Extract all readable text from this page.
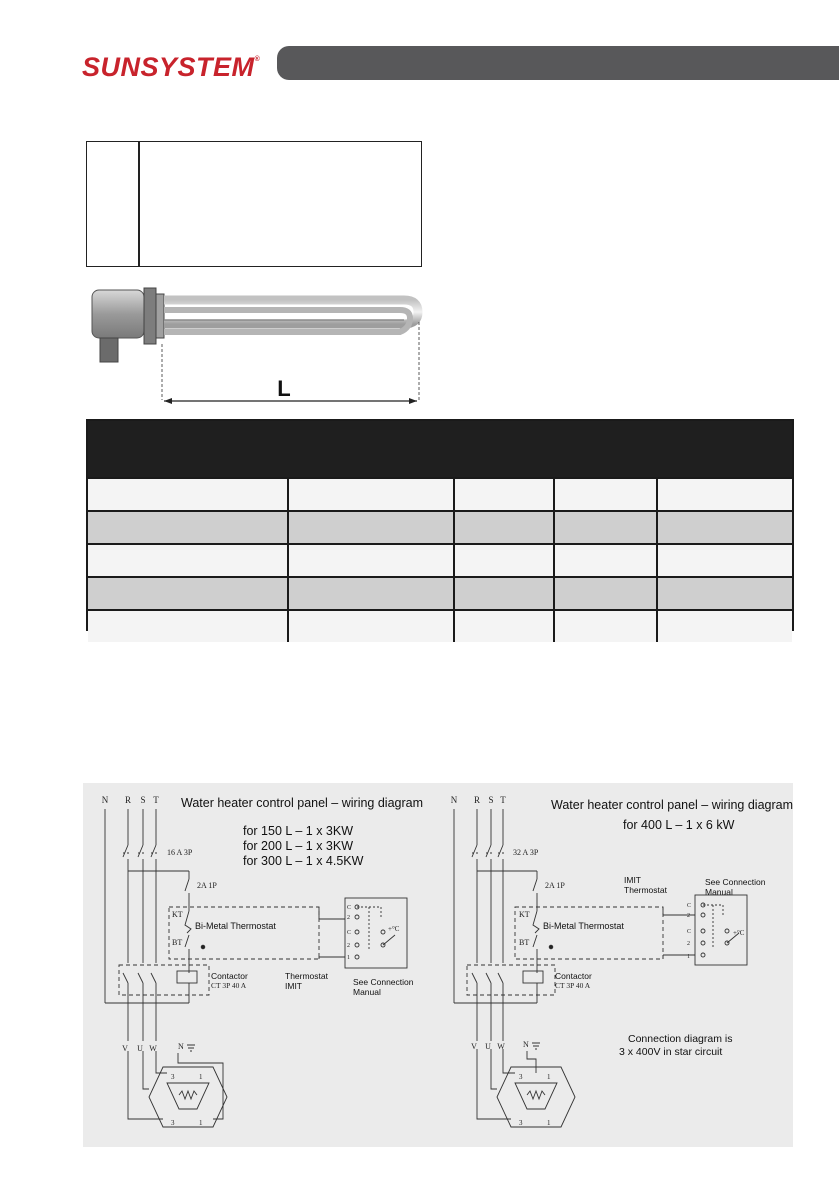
SUNSYSTEM®
L
N R S T Water heater control panel – wiring diagram
for 150 L – 1 x 3KW
for 200 L – 1 x 3KW
for 300 L – 1 x 4.5KW
16 A 3P
2A 1P
KT
Bi-Metal Thermostat
BT
Contactor
CT 3P 40 A
C
2
C
2
1
+°C
Thermostat
IMIT	See Connection
Manual
V U W	N
3	1
3	1
N R S T	Water heater control panel – wiring diagram
for 400 L – 1 x 6 kW
32 A 3P
2A 1P
KT
Bi-Metal Thermostat
BT
IMIT
Thermostat
See Connection
Manual
Contactor
CT 3P 40 A
C
2
C
2
1
+°C
Connection diagram is
3 x 400V in star circuit
V U W N
3	1
3	1
